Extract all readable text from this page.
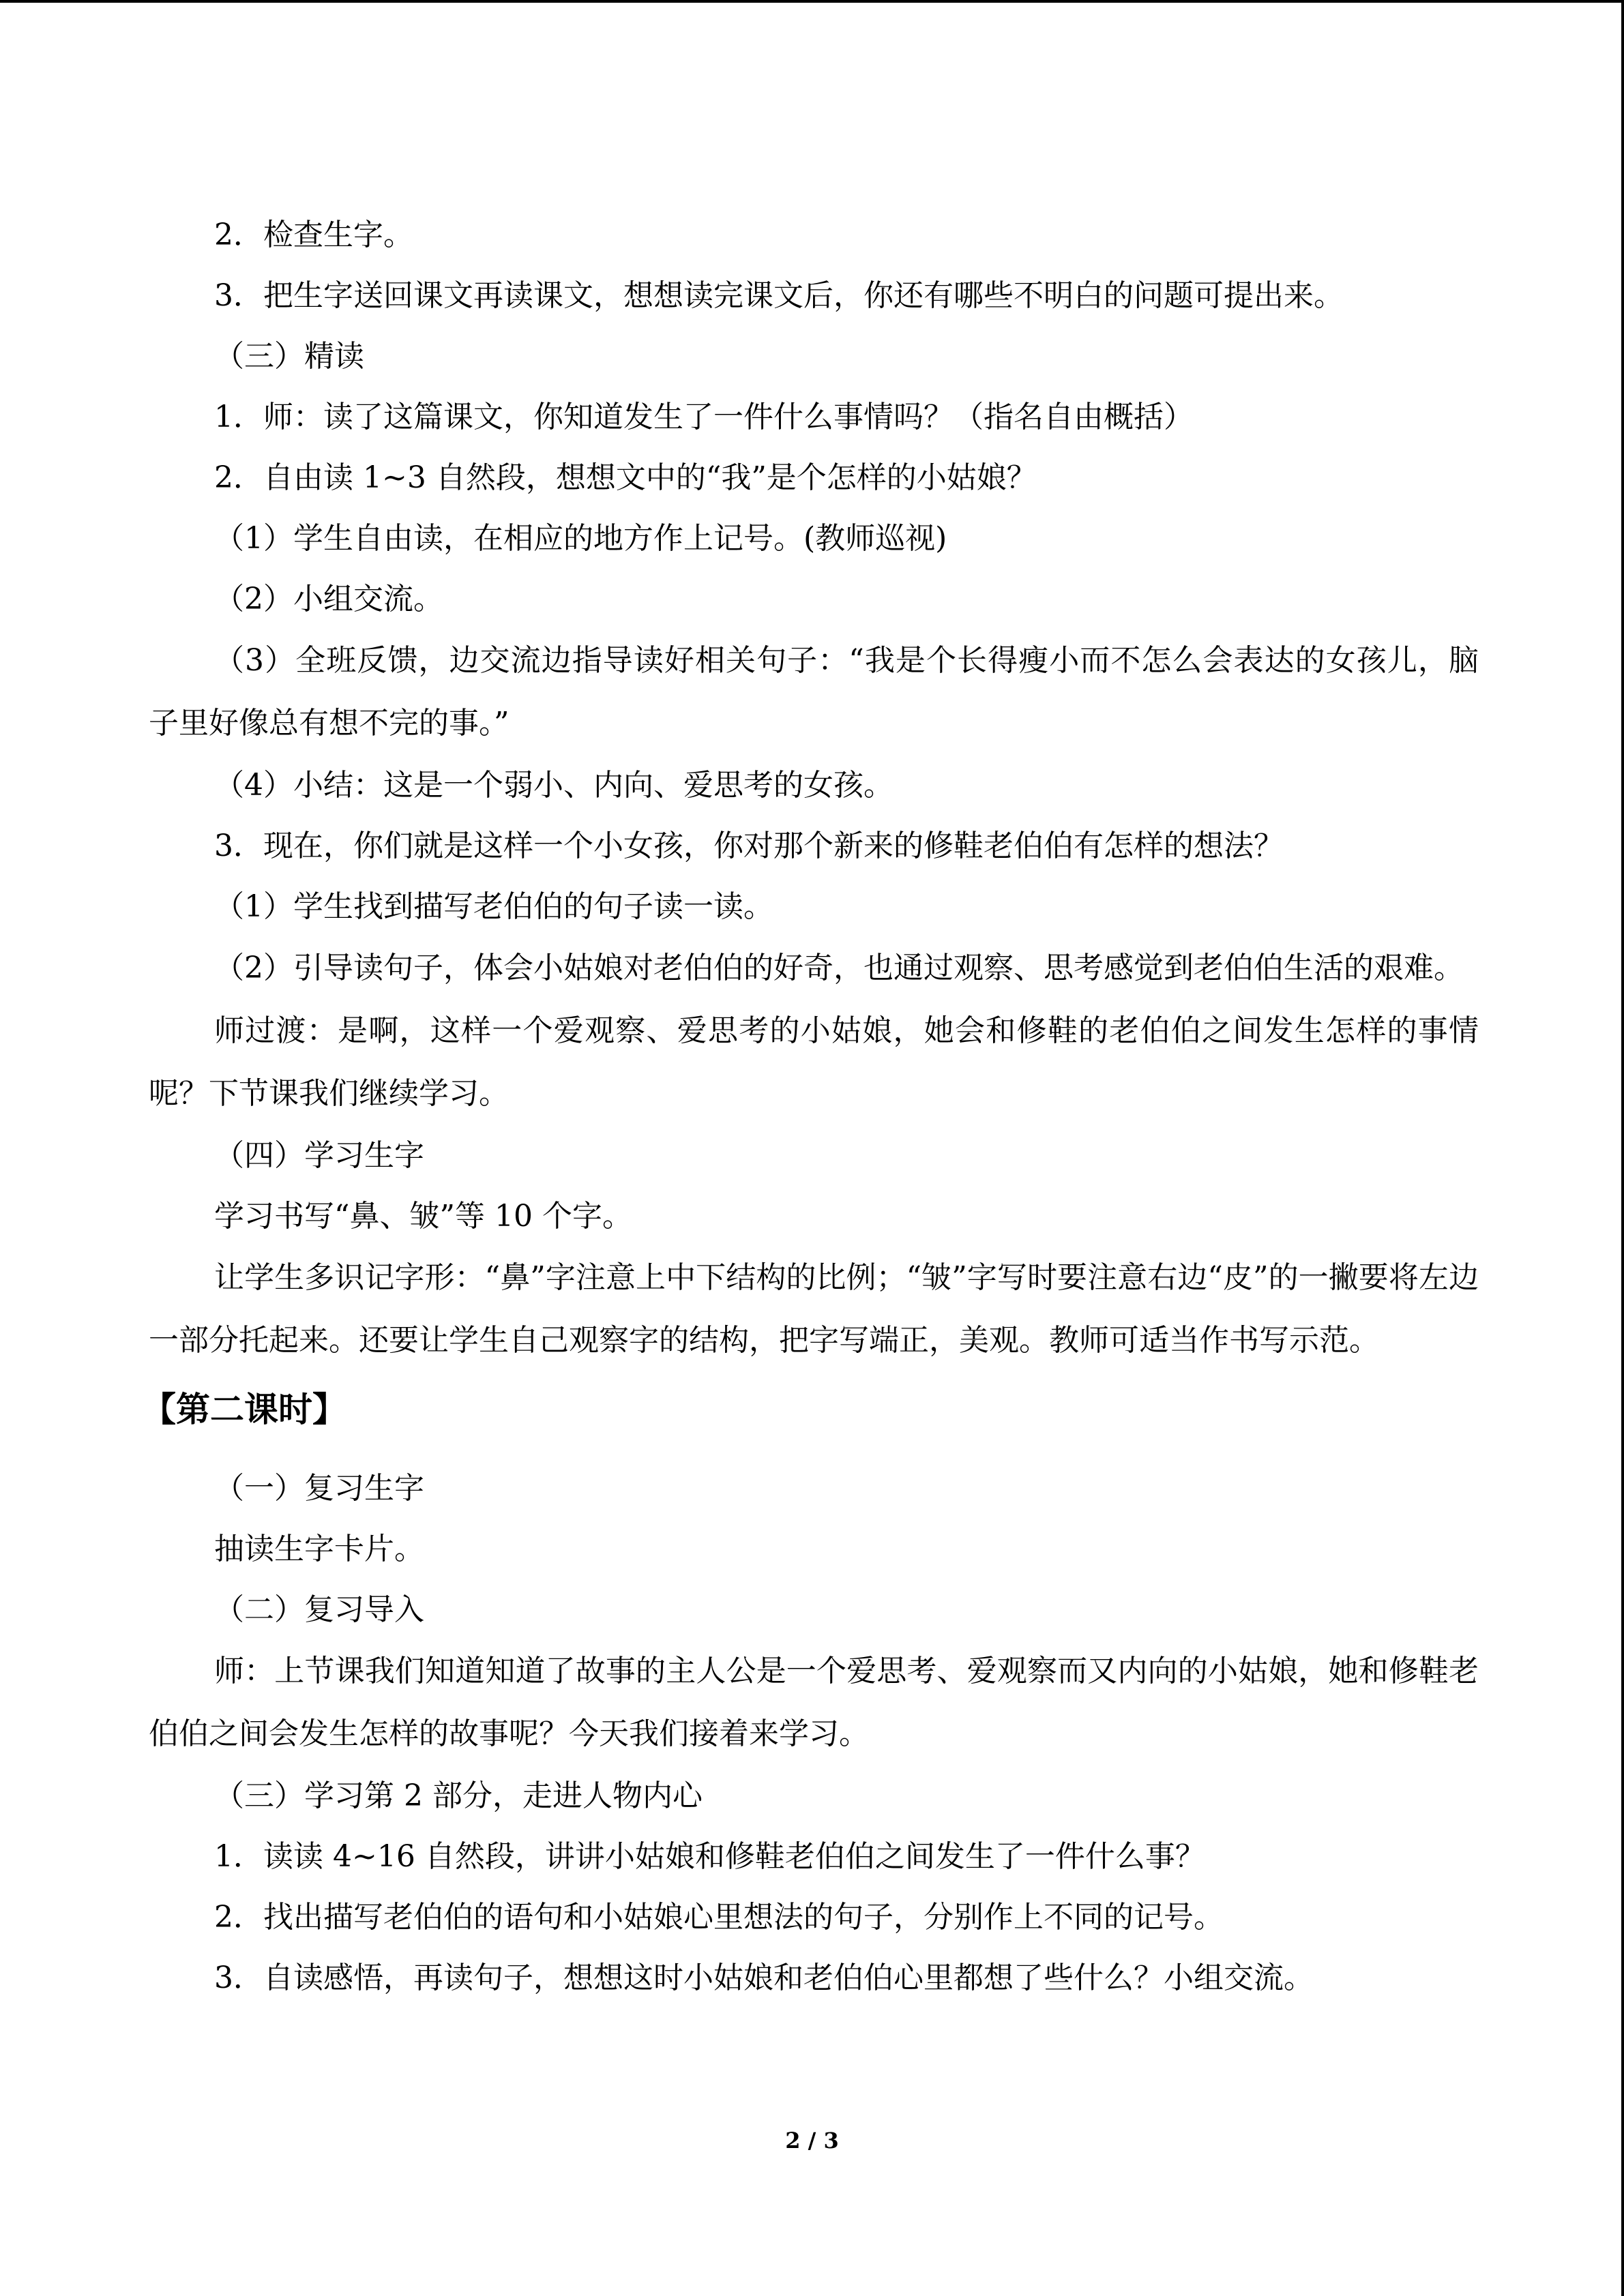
2．检查生字。

3．把生字送回课文再读课文，想想读完课文后，你还有哪些不明白的问题可提出来。

（三）精读

1．师：读了这篇课文，你知道发生了一件什么事情吗？（指名自由概括）

2．自由读 1~3 自然段，想想文中的“我”是个怎样的小姑娘？

（1）学生自由读，在相应的地方作上记号。(教师巡视)

（2）小组交流。

（3）全班反馈，边交流边指导读好相关句子：“我是个长得瘦小而不怎么会表达的女孩儿，脑子里好像总有想不完的事。”

（4）小结：这是一个弱小、内向、爱思考的女孩。

3．现在，你们就是这样一个小女孩，你对那个新来的修鞋老伯伯有怎样的想法？

（1）学生找到描写老伯伯的句子读一读。

（2）引导读句子，体会小姑娘对老伯伯的好奇，也通过观察、思考感觉到老伯伯生活的艰难。

师过渡：是啊，这样一个爱观察、爱思考的小姑娘，她会和修鞋的老伯伯之间发生怎样的事情呢？下节课我们继续学习。

（四）学习生字

学习书写“鼻、皱”等 10 个字。

让学生多识记字形：“鼻”字注意上中下结构的比例；“皱”字写时要注意右边“皮”的一撇要将左边一部分托起来。还要让学生自己观察字的结构，把字写端正，美观。教师可适当作书写示范。

【第二课时】

（一）复习生字

抽读生字卡片。

（二）复习导入

师：上节课我们知道知道了故事的主人公是一个爱思考、爱观察而又内向的小姑娘，她和修鞋老伯伯之间会发生怎样的故事呢？今天我们接着来学习。

（三）学习第 2 部分，走进人物内心

1．读读 4~16 自然段，讲讲小姑娘和修鞋老伯伯之间发生了一件什么事？

2．找出描写老伯伯的语句和小姑娘心里想法的句子，分别作上不同的记号。

3．自读感悟，再读句子，想想这时小姑娘和老伯伯心里都想了些什么？小组交流。

2 / 3
